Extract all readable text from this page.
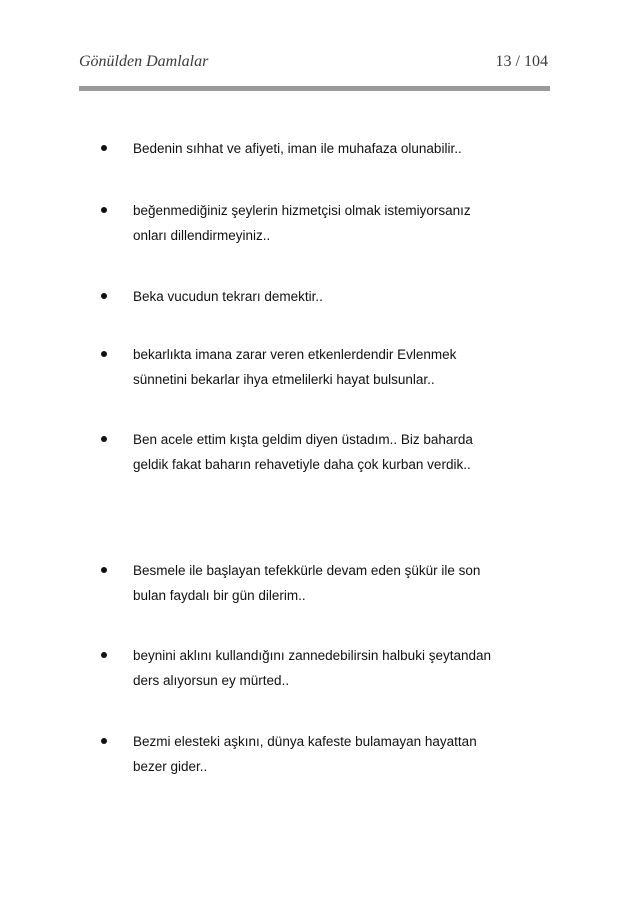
Gönülden Damlalar	13 / 104
Bedenin sıhhat ve afiyeti, iman ile muhafaza olunabilir..
beğenmediğiniz şeylerin hizmetçisi olmak istemiyorsanız
onları dillendirmeyiniz..
Beka vucudun tekrarı demektir..
bekarlıkta imana zarar veren etkenlerdendir Evlenmek
sünnetini bekarlar ihya etmelilerki hayat bulsunlar..
Ben acele ettim kışta geldim diyen üstadım.. Biz baharda
geldik fakat baharın rehavetiyle daha çok kurban verdik..
Besmele ile başlayan tefekkürle devam eden şükür ile son
bulan faydalı bir gün dilerim..
beynini aklını kullandığını zannedebilirsin halbuki şeytandan
ders alıyorsun ey mürted..
Bezmi elesteki aşkını, dünya kafeste bulamayan hayattan
bezer gider..
